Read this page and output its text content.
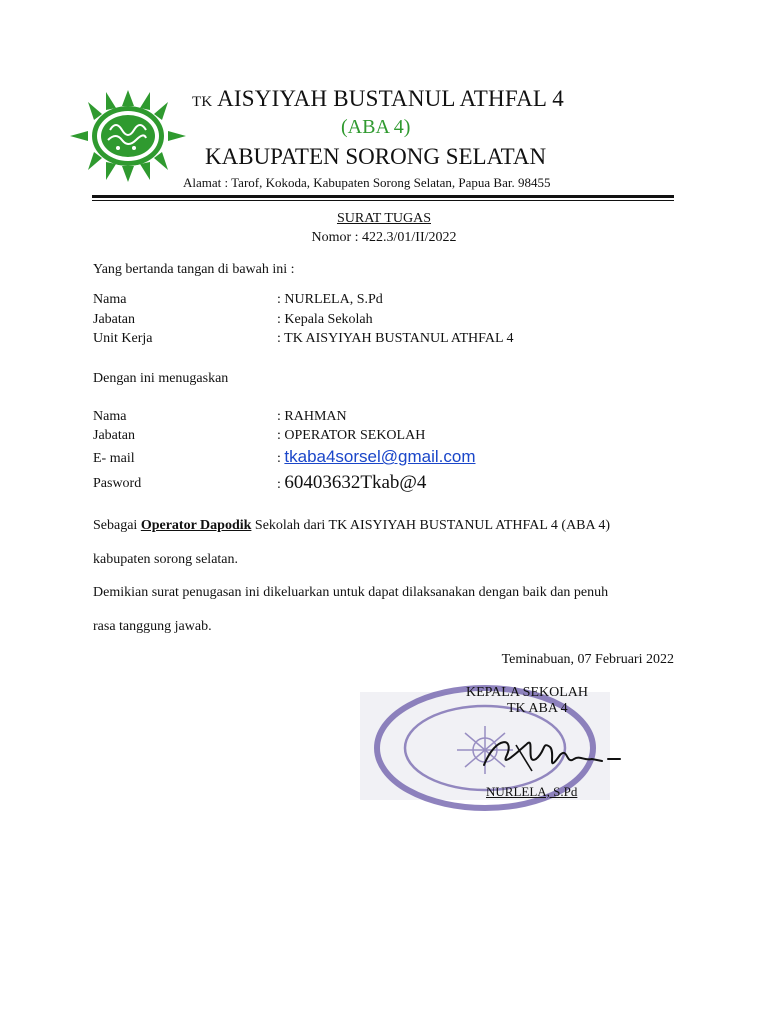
TK AISYIYAH BUSTANUL ATHFAL 4
(ABA 4)
KABUPATEN SORONG SELATAN
Alamat : Tarof, Kokoda, Kabupaten Sorong Selatan, Papua Bar. 98455
SURAT TUGAS
Nomor : 422.3/01/II/2022
Yang bertanda tangan di bawah ini :
Nama	: NURLELA, S.Pd
Jabatan	: Kepala Sekolah
Unit Kerja	: TK AISYIYAH BUSTANUL ATHFAL 4
Dengan ini menugaskan
Nama	: RAHMAN
Jabatan	: OPERATOR SEKOLAH
E- mail	: tkaba4sorsel@gmail.com
Pasword	: 60403632Tkab@4
Sebagai Operator Dapodik Sekolah dari TK AISYIYAH BUSTANUL ATHFAL 4 (ABA 4)
kabupaten sorong selatan.
Demikian surat penugasan ini dikeluarkan untuk dapat dilaksanakan dengan baik dan penuh
rasa tanggung jawab.
Teminabuan, 07 Februari 2022
KEPALA SEKOLAH
TK ABA 4
NURLELA, S.Pd
